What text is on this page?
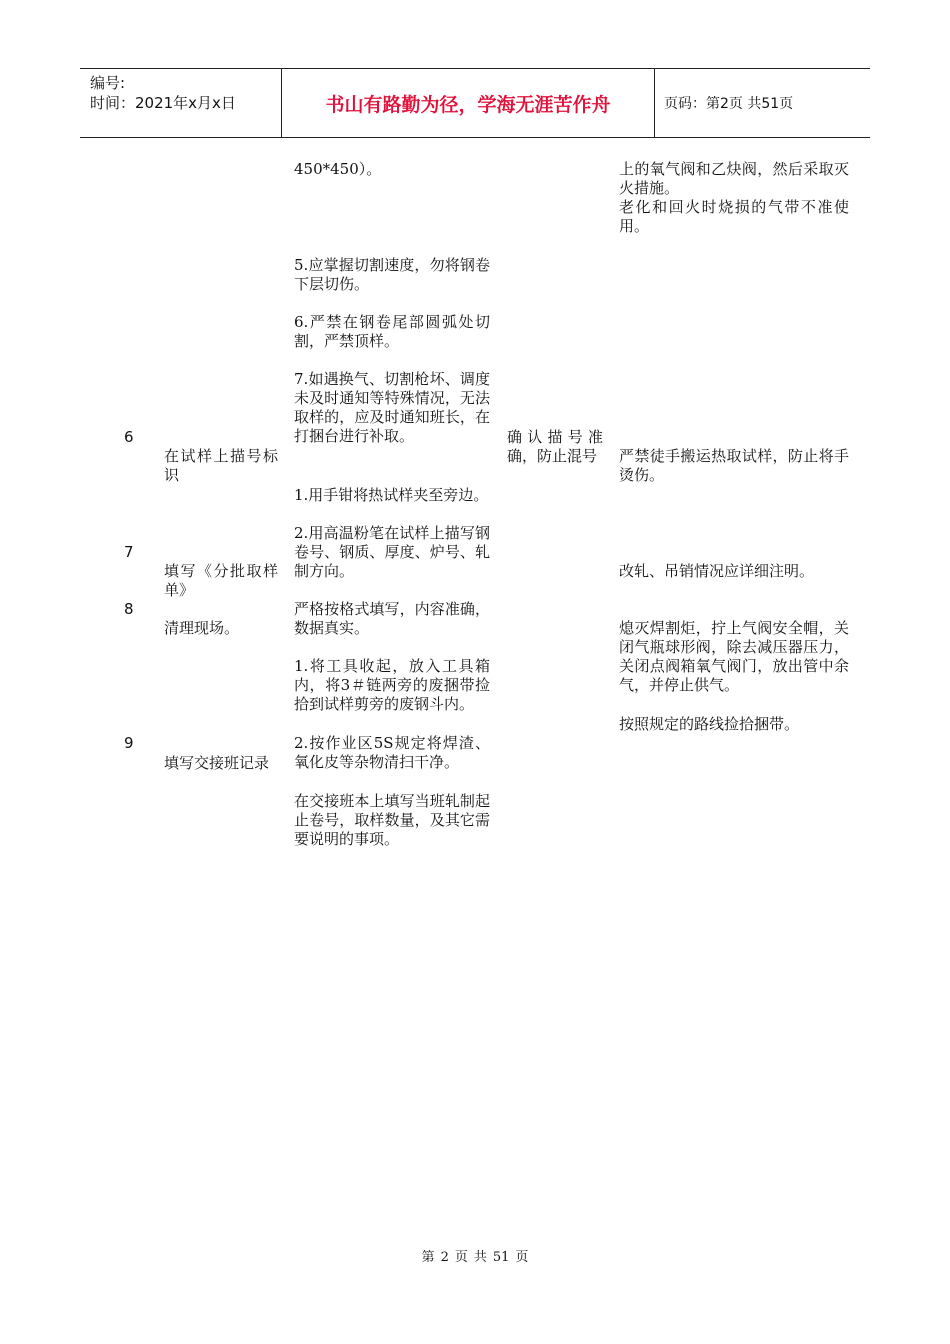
编号:
时间：2021年x月x日	书山有路勤为径，学海无涯苦作舟	页码：第2页 共51页
450*450）。
5.应掌握切割速度，勿将钢卷下层切伤。
6.严禁在钢卷尾部圆弧处切割，严禁顶样。
7.如遇换气、切割枪坏、调度未及时通知等特殊情况，无法取样的，应及时通知班长，在打捆台进行补取。
1.用手钳将热试样夹至旁边。
2.用高温粉笔在试样上描写钢卷号、钢质、厚度、炉号、轧制方向。
严格按格式填写，内容准确，数据真实。
1.将工具收起，放入工具箱内，将3＃链两旁的废捆带捡拾到试样剪旁的废钢斗内。
2.按作业区5S规定将焊渣、氧化皮等杂物清扫干净。
在交接班本上填写当班轧制起止卷号，取样数量，及其它需要说明的事项。
上的氧气阀和乙炔阀，然后采取灭火措施。
老化和回火时烧损的气带不准使用。
严禁徒手搬运热取试样，防止将手烫伤。
改轧、吊销情况应详细注明。
熄灭焊割炬，拧上气阀安全帽，关闭气瓶球形阀，除去减压器压力，关闭点阀箱氧气阀门，放出管中余气，并停止供气。
按照规定的路线捡拾捆带。
6
7
8
9
在试样上描号标识
填写《分批取样单》
清理现场。
填写交接班记录
确认描号准确，防止混号
第 2 页 共 51 页
